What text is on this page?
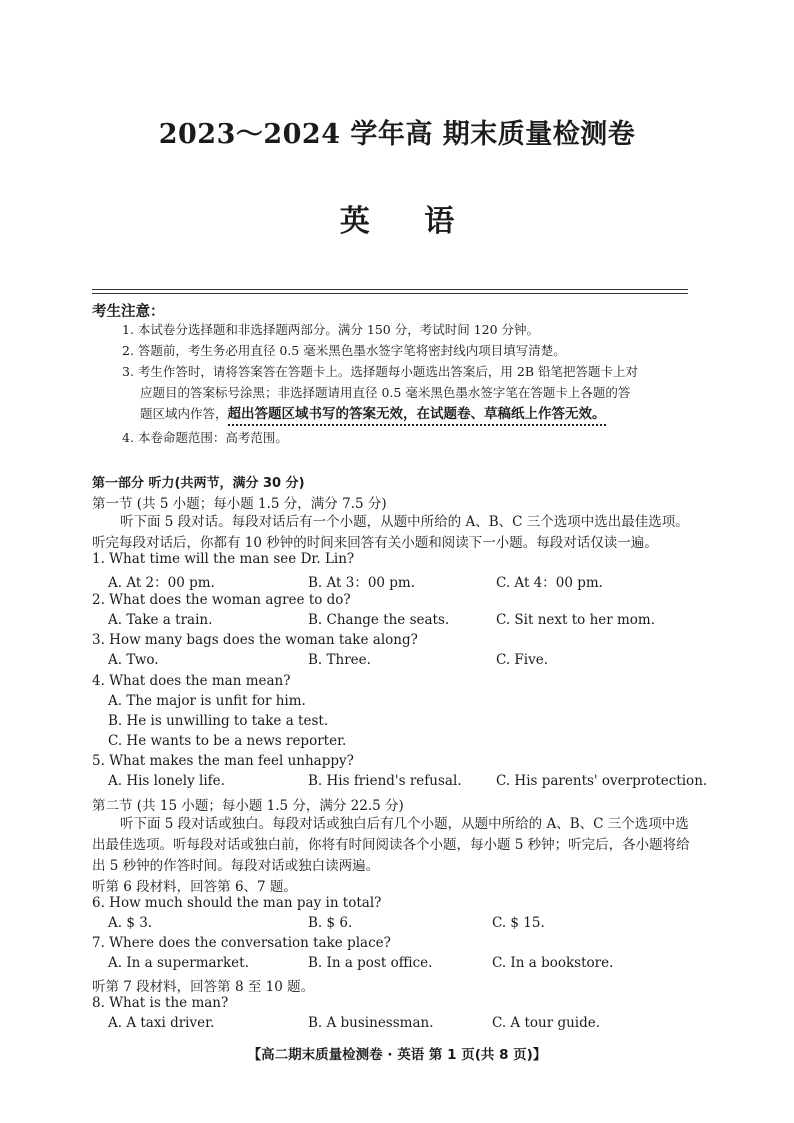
2023～2024 学年高 期末质量检测卷
英 语
考生注意：
1. 本试卷分选择题和非选择题两部分。满分 150 分，考试时间 120 分钟。
2. 答题前，考生务必用直径 0.5 毫米黑色墨水签字笔将密封线内项目填写清楚。
3. 考生作答时，请将答案答在答题卡上。选择题每小题选出答案后，用 2B 铅笔把答题卡上对
应题目的答案标号涂黑；非选择题请用直径 0.5 毫米黑色墨水签字笔在答题卡上各题的答
题区域内作答，超出答题区域书写的答案无效，在试题卷、草稿纸上作答无效。
4. 本卷命题范围：高考范围。
第一部分 听力(共两节，满分 30 分)
第一节 (共 5 小题；每小题 1.5 分，满分 7.5 分)
听下面 5 段对话。每段对话后有一个小题，从题中所给的 A、B、C 三个选项中选出最佳选项。听完每段对话后，你都有 10 秒钟的时间来回答有关小题和阅读下一小题。每段对话仅读一遍。
1. What time will the man see Dr. Lin?
A. At 2：00 pm.	B. At 3：00 pm.	C. At 4：00 pm.
2. What does the woman agree to do?
A. Take a train.	B. Change the seats.	C. Sit next to her mom.
3. How many bags does the woman take along?
A. Two.	B. Three.	C. Five.
4. What does the man mean?
A. The major is unfit for him.
B. He is unwilling to take a test.
C. He wants to be a news reporter.
5. What makes the man feel unhappy?
A. His lonely life.	B. His friend's refusal.	C. His parents' overprotection.
第二节 (共 15 小题；每小题 1.5 分，满分 22.5 分)
听下面 5 段对话或独白。每段对话或独白后有几个小题，从题中所给的 A、B、C 三个选项中选出最佳选项。听每段对话或独白前，你将有时间阅读各个小题，每小题 5 秒钟；听完后，各小题将给出 5 秒钟的作答时间。每段对话或独白读两遍。
听第 6 段材料，回答第 6、7 题。
6. How much should the man pay in total?
A. $ 3.	B. $ 6.	C. $ 15.
7. Where does the conversation take place?
A. In a supermarket.	B. In a post office.	C. In a bookstore.
听第 7 段材料，回答第 8 至 10 题。
8. What is the man?
A. A taxi driver.	B. A businessman.	C. A tour guide.
【高二期末质量检测卷 · 英语 第 1 页(共 8 页)】
